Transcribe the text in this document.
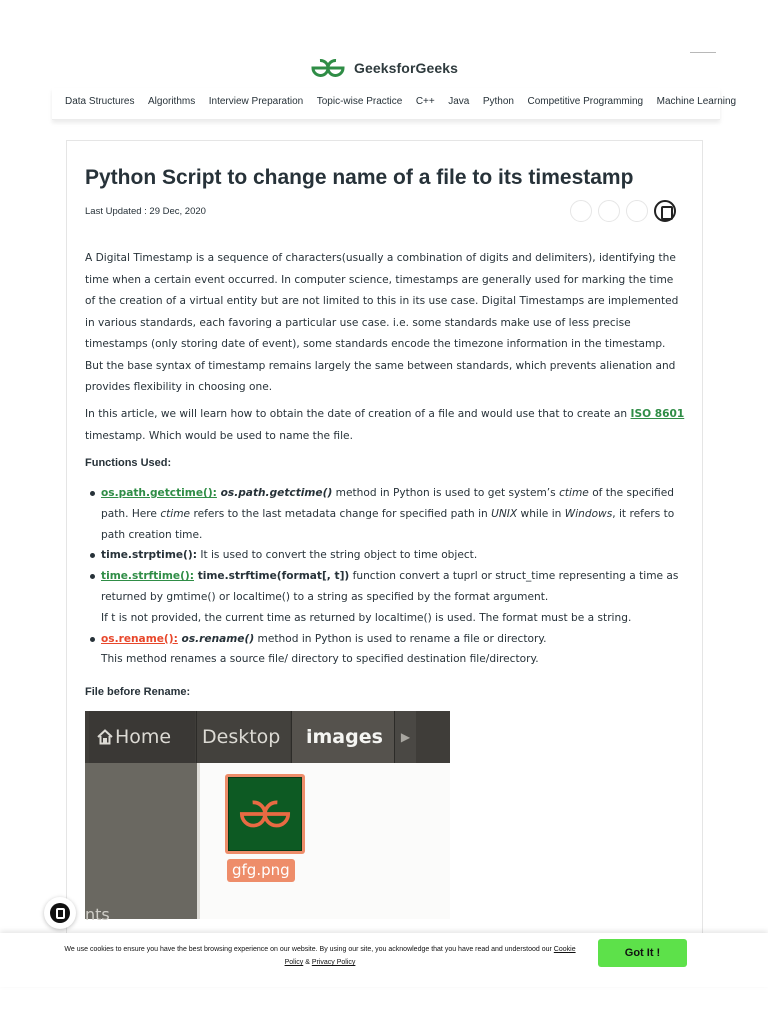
GeeksforGeeks
Data Structures Algorithms Interview Preparation Topic-wise Practice C++ Java Python Competitive Programming Machine Learning
Python Script to change name of a file to its timestamp
Last Updated : 29 Dec, 2020

A Digital Timestamp is a sequence of characters(usually a combination of digits and delimiters), identifying the time when a certain event occurred. In computer science, timestamps are generally used for marking the time of the creation of a virtual entity but are not limited to this in its use case. Digital Timestamps are implemented in various standards, each favoring a particular use case. i.e. some standards make use of less precise timestamps (only storing date of event), some standards encode the timezone information in the timestamp. But the base syntax of timestamp remains largely the same between standards, which prevents alienation and provides flexibility in choosing one.

In this article, we will learn how to obtain the date of creation of a file and would use that to create an ISO 8601 timestamp. Which would be used to name the file.

Functions Used:
os.path.getctime(): os.path.getctime() method in Python is used to get system’s ctime of the specified path. Here ctime refers to the last metadata change for specified path in UNIX while in Windows, it refers to path creation time.
time.strptime(): It is used to convert the string object to time object.
time.strftime(): time.strftime(format[, t]) function convert a tuprl or struct_time representing a time as returned by gmtime() or localtime() to a string as specified by the format argument.
If t is not provided, the current time as returned by localtime() is used. The format must be a string.
os.rename(): os.rename() method in Python is used to rename a file or directory.
This method renames a source file/ directory to specified destination file/directory.
File before Rename:
Home	Desktop	images	▶
nts
gfg.png
We use cookies to ensure you have the best browsing experience on our website. By using our site, you acknowledge that you have read and understood our Cookie Policy & Privacy Policy
Got It !
